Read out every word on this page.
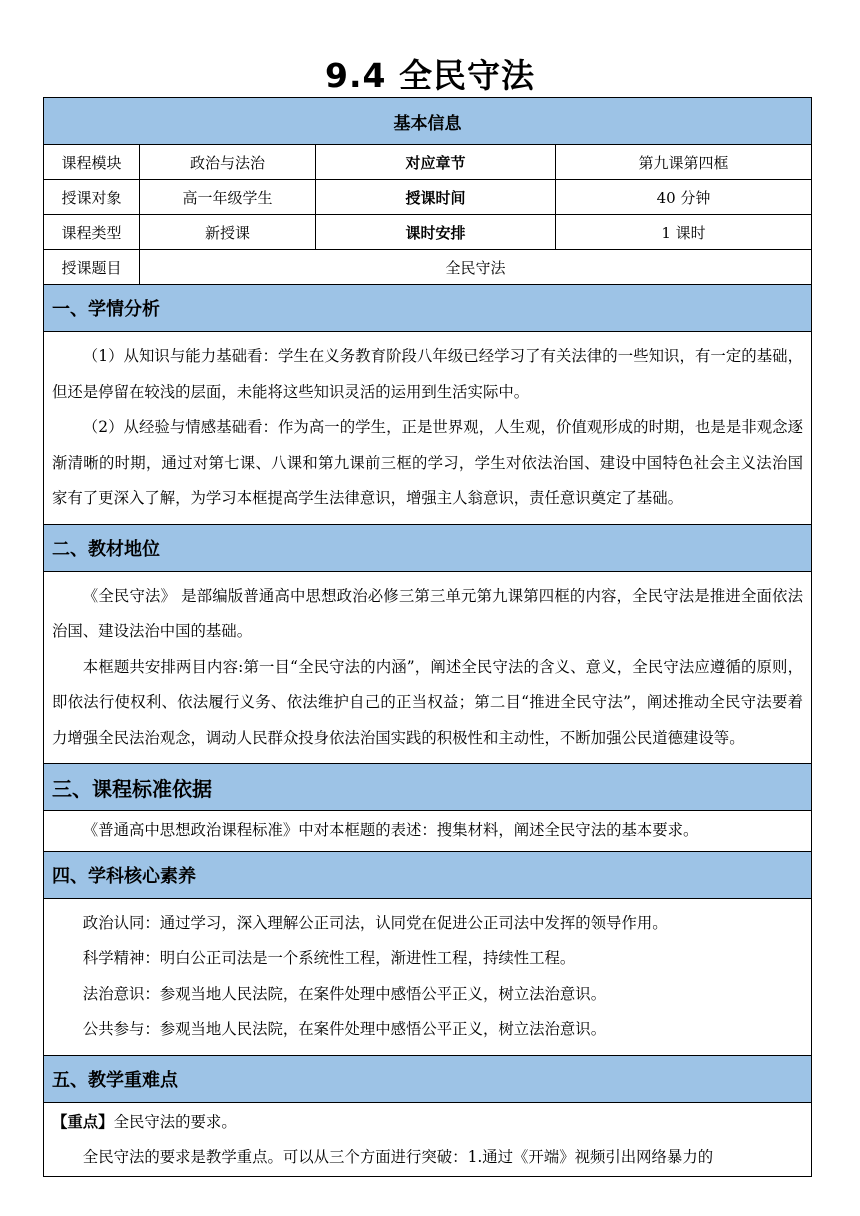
9.4 全民守法
基本信息			
课程模块	政治与法治	对应章节	第九课第四框
授课对象	高一年级学生	授课时间	40 分钟
课程类型	新授课	课时安排	1 课时
授课题目	全民守法		
一、学情分析			

（1）从知识与能力基础看：学生在义务教育阶段八年级已经学习了有关法律的一些知识，有一定的基础，但还是停留在较浅的层面，未能将这些知识灵活的运用到生活实际中。

（2）从经验与情感基础看：作为高一的学生，正是世界观，人生观，价值观形成的时期，也是是非观念逐渐清晰的时期，通过对第七课、八课和第九课前三框的学习，学生对依法治国、建设中国特色社会主义法治国家有了更深入了解，为学习本框提高学生法律意识，增强主人翁意识，责任意识奠定了基础。			

二、教材地位			

《全民守法》 是部编版普通高中思想政治必修三第三单元第九课第四框的内容，全民守法是推进全面依法治国、建设法治中国的基础。

本框题共安排两目内容:第一目“全民守法的内涵”，阐述全民守法的含义、意义，全民守法应遵循的原则，即依法行使权利、依法履行义务、依法维护自己的正当权益；第二目“推进全民守法”，阐述推动全民守法要着力增强全民法治观念，调动人民群众投身依法治国实践的积极性和主动性，不断加强公民道德建设等。			

三、课程标准依据			

《普通高中思想政治课程标准》中对本框题的表述：搜集材料，阐述全民守法的基本要求。			

四、学科核心素养			

政治认同：通过学习，深入理解公正司法，认同党在促进公正司法中发挥的领导作用。

科学精神：明白公正司法是一个系统性工程，渐进性工程，持续性工程。

法治意识：参观当地人民法院，在案件处理中感悟公平正义，树立法治意识。

公共参与：参观当地人民法院，在案件处理中感悟公平正义，树立法治意识。			

五、教学重难点			

【重点】全民守法的要求。

全民守法的要求是教学重点。可以从三个方面进行突破：1.通过《开端》视频引出网络暴力的			
